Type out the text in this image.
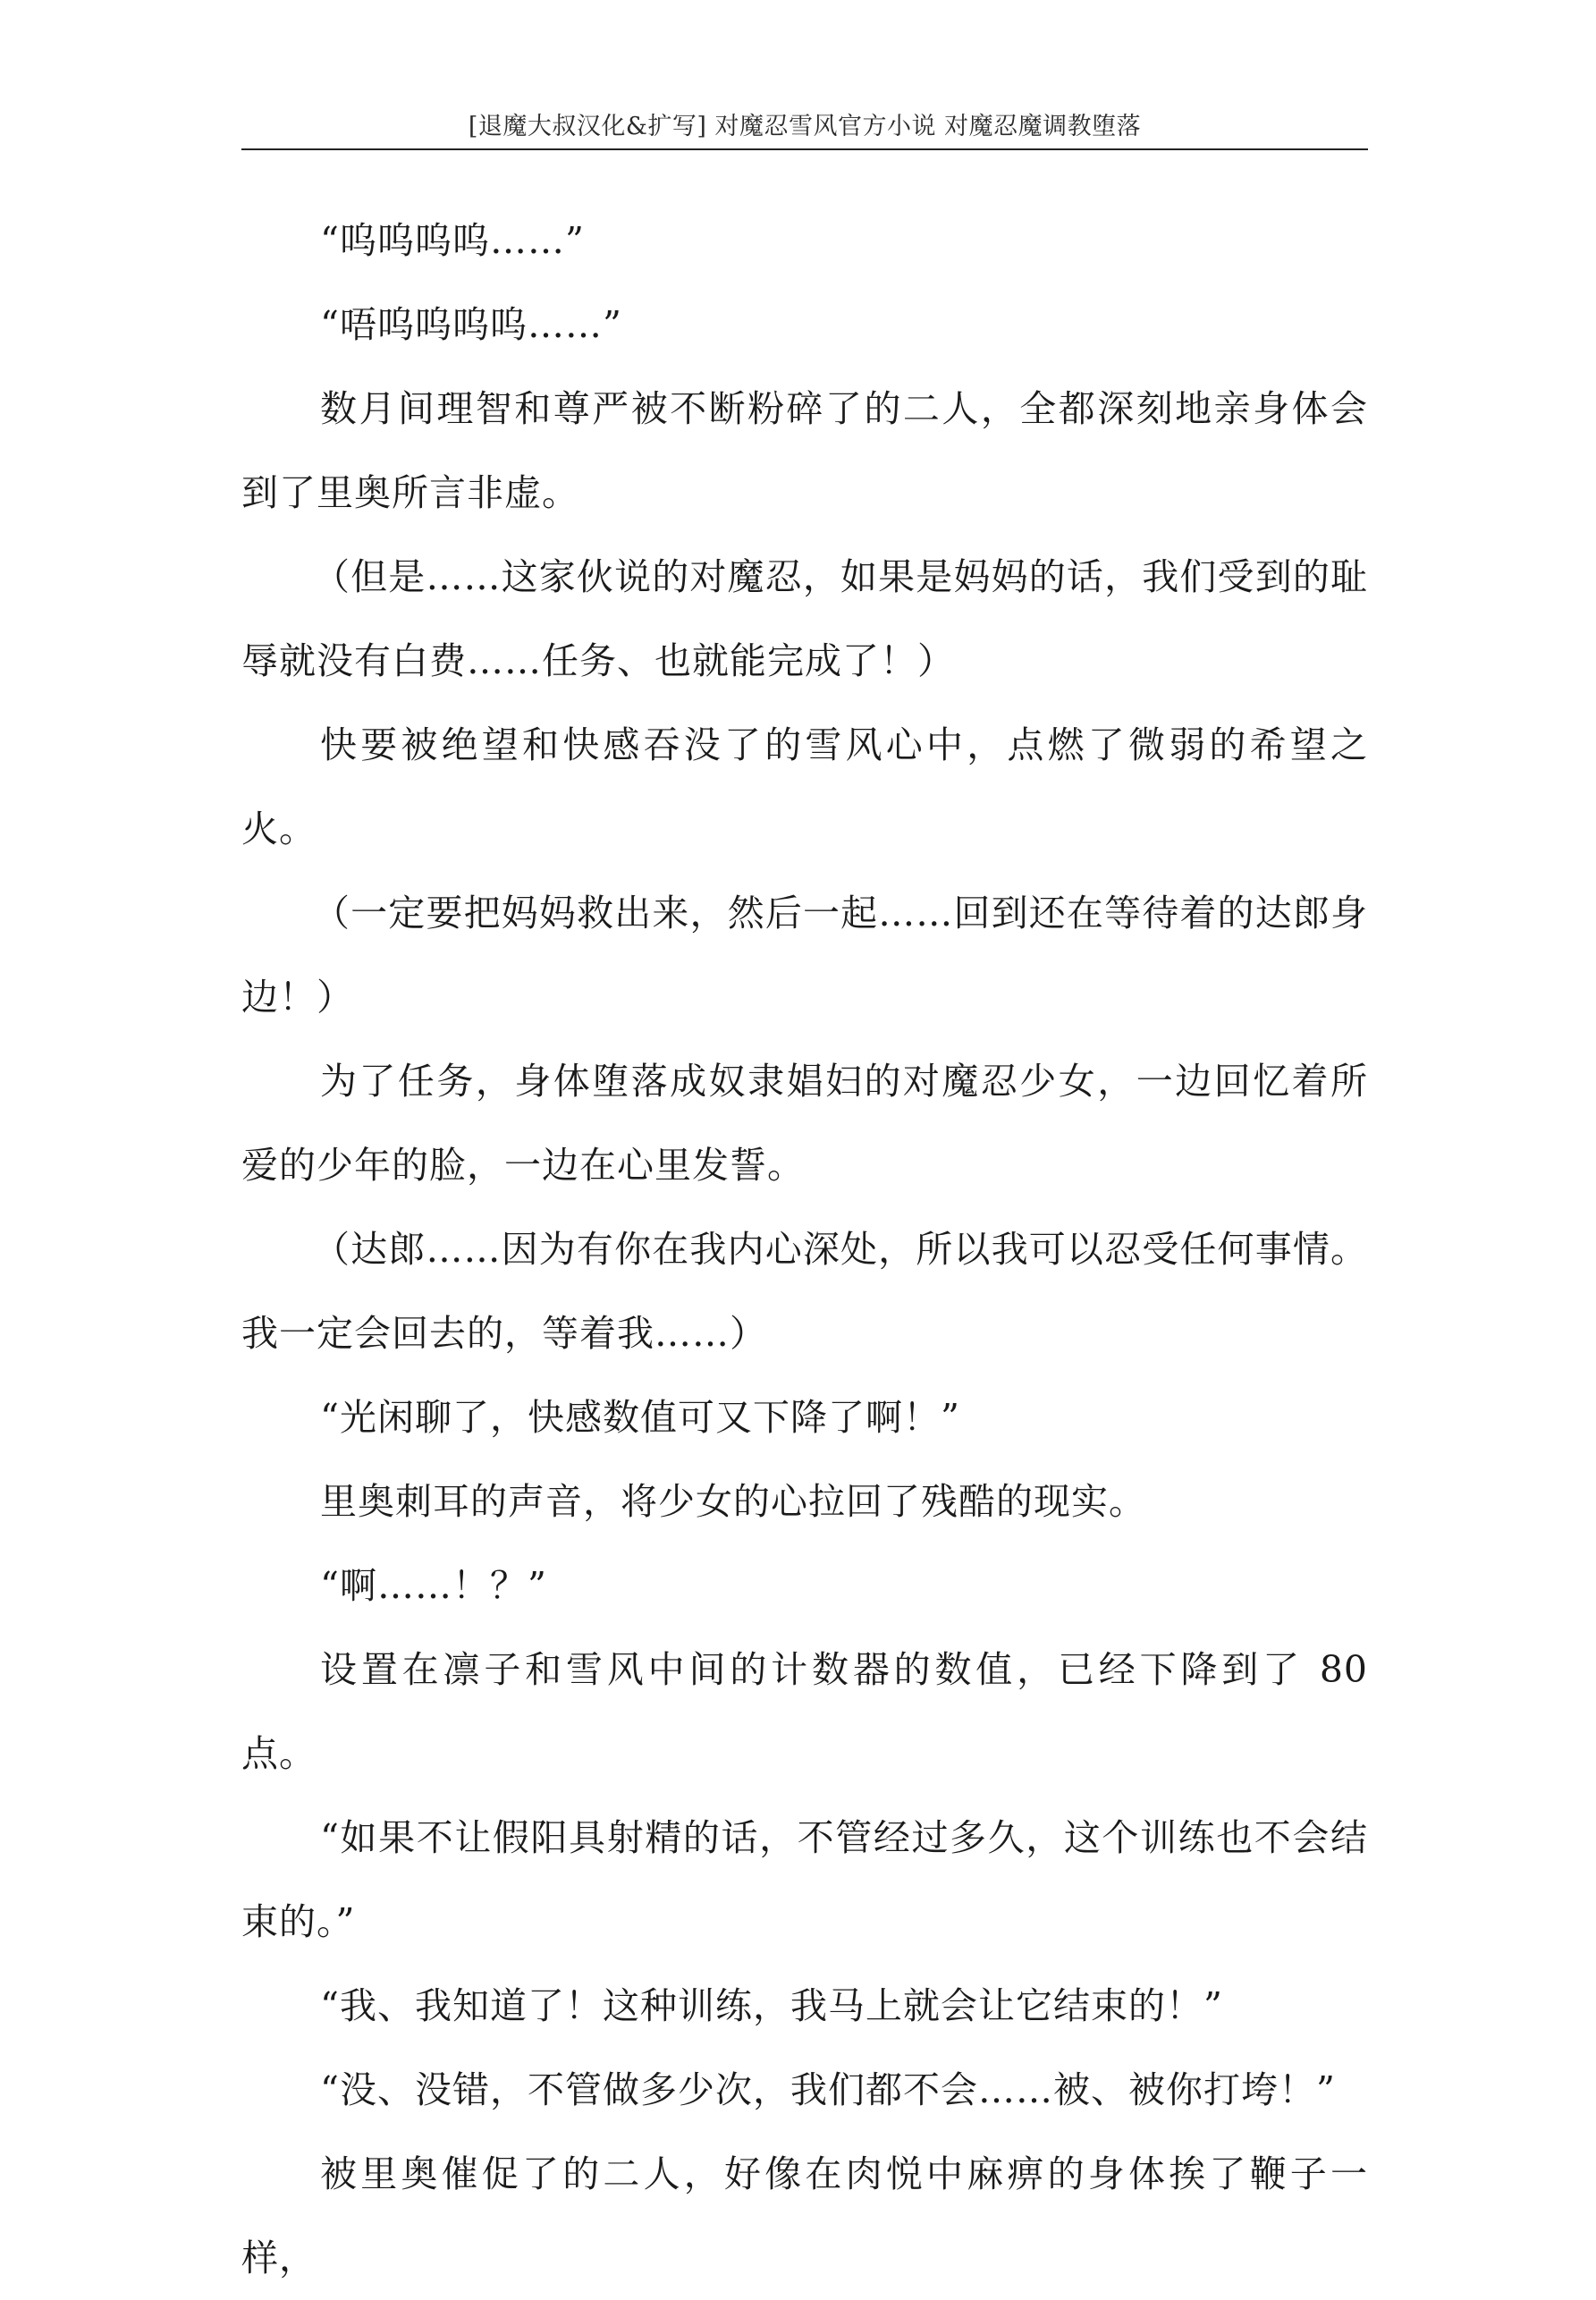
[退魔大叔汉化&扩写] 对魔忍雪风官方小说 对魔忍魔调教堕落

“呜呜呜呜……”

“唔呜呜呜呜……”

数月间理智和尊严被不断粉碎了的二人，全都深刻地亲身体会到了里奥所言非虚。

（但是……这家伙说的对魔忍，如果是妈妈的话，我们受到的耻辱就没有白费……任务、也就能完成了！）

快要被绝望和快感吞没了的雪风心中，点燃了微弱的希望之火。

（一定要把妈妈救出来，然后一起……回到还在等待着的达郎身边！）

为了任务，身体堕落成奴隶娼妇的对魔忍少女，一边回忆着所爱的少年的脸，一边在心里发誓。

（达郎……因为有你在我内心深处，所以我可以忍受任何事情。我一定会回去的，等着我……）

“光闲聊了，快感数值可又下降了啊！”

里奥刺耳的声音，将少女的心拉回了残酷的现实。

“啊……！？”

设置在凛子和雪风中间的计数器的数值，已经下降到了 80 点。

“如果不让假阳具射精的话，不管经过多久，这个训练也不会结束的。”

“我、我知道了！这种训练，我马上就会让它结束的！”

“没、没错，不管做多少次，我们都不会……被、被你打垮！”

被里奥催促了的二人，好像在肉悦中麻痹的身体挨了鞭子一样，
